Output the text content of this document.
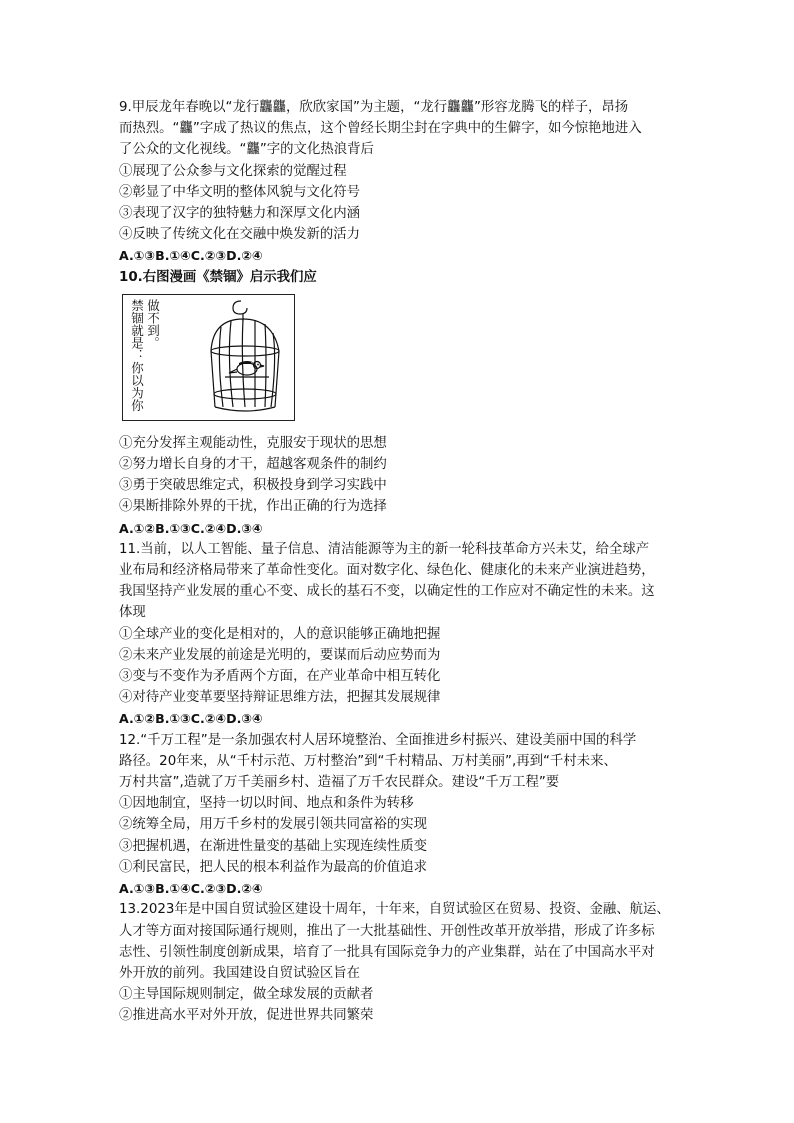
9.甲辰龙年春晚以“龙行龘龘，欣欣家国”为主题，“龙行龘龘”形容龙腾飞的样子，昂扬
而热烈。“龘”字成了热议的焦点，这个曾经长期尘封在字典中的生僻字，如今惊艳地进入
了公众的文化视线。“龘”字的文化热浪背后
①展现了公众参与文化探索的觉醒过程
②彰显了中华文明的整体风貌与文化符号
③表现了汉字的独特魅力和深厚文化内涵
④反映了传统文化在交融中焕发新的活力
A.①③B.①④C.②③D.②④
10.右图漫画《禁锢》启示我们应
做不到。
禁锢就是：你以为你
①充分发挥主观能动性，克服安于现状的思想
②努力增长自身的才干，超越客观条件的制约
③勇于突破思维定式，积极投身到学习实践中
④果断排除外界的干扰，作出正确的行为选择
A.①②B.①③C.②④D.③④
11.当前，以人工智能、量子信息、清洁能源等为主的新一轮科技革命方兴未艾，给全球产
业布局和经济格局带来了革命性变化。面对数字化、绿色化、健康化的未来产业演进趋势，
我国坚持产业发展的重心不变、成长的基石不变，以确定性的工作应对不确定性的未来。这
体现
①全球产业的变化是相对的，人的意识能够正确地把握
②未来产业发展的前途是光明的，要谋而后动应势而为
③变与不变作为矛盾两个方面，在产业革命中相互转化
④对待产业变革要坚持辩证思维方法，把握其发展规律
A.①②B.①③C.②④D.③④
12.“千万工程”是一条加强农村人居环境整治、全面推进乡村振兴、建设美丽中国的科学
路径。20年来，从“千村示范、万村整治”到“千村精品、万村美丽”,再到“千村未来、
万村共富”,造就了万千美丽乡村、造福了万千农民群众。建设“千万工程”要
①因地制宜，坚持一切以时间、地点和条件为转移
②统筹全局，用万千乡村的发展引领共同富裕的实现
③把握机遇，在渐进性量变的基础上实现连续性质变
①利民富民，把人民的根本利益作为最高的价值追求
A.①③B.①④C.②③D.②④
13.2023年是中国自贸试验区建设十周年，十年来，自贸试验区在贸易、投资、金融、航运、
人才等方面对接国际通行规则，推出了一大批基础性、开创性改革开放举措，形成了许多标
志性、引领性制度创新成果，培育了一批具有国际竞争力的产业集群，站在了中国高水平对
外开放的前列。我国建设自贸试验区旨在
①主导国际规则制定，做全球发展的贡献者
②推进高水平对外开放，促进世界共同繁荣
